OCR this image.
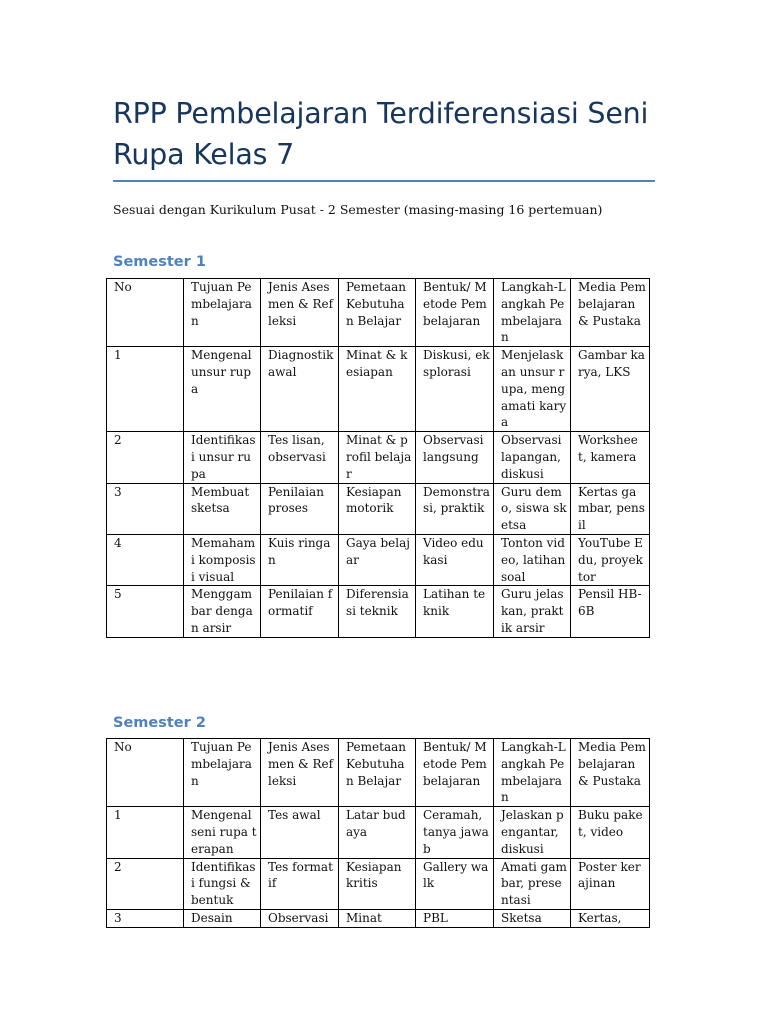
RPP Pembelajaran Terdiferensiasi Seni Rupa Kelas 7

Sesuai dengan Kurikulum Pusat - 2 Semester (masing-masing 16 pertemuan)

Semester 1
No	Tujuan Pembelajaran	Jenis Asesmen & Refleksi	Pemetaan Kebutuhan Belajar	Bentuk/ Metode Pembelajaran	Langkah-Langkah Pembelajaran	Media Pembelajaran & Pustaka
1	Mengenal unsur rupa	Diagnostik awal	Minat & kesiapan	Diskusi, eksplorasi	Menjelaskan unsur rupa, mengamati karya	Gambar karya, LKS
2	Identifikasi unsur rupa	Tes lisan, observasi	Minat & profil belajar	Observasi langsung	Observasi lapangan, diskusi	Worksheet, kamera
3	Membuat sketsa	Penilaian proses	Kesiapan motorik	Demonstrasi, praktik	Guru demo, siswa sketsa	Kertas gambar, pensil
4	Memahami komposisi visual	Kuis ringan	Gaya belajar	Video edukasi	Tonton video, latihan soal	YouTube Edu, proyektor
5	Menggambar dengan arsir	Penilaian formatif	Diferensiasi teknik	Latihan teknik	Guru jelaskan, praktik arsir	Pensil HB-6B
Semester 2
No	Tujuan Pembelajaran	Jenis Asesmen & Refleksi	Pemetaan Kebutuhan Belajar	Bentuk/ Metode Pembelajaran	Langkah-Langkah Pembelajaran	Media Pembelajaran & Pustaka
1	Mengenal seni rupa terapan	Tes awal	Latar budaya	Ceramah, tanya jawab	Jelaskan pengantar, diskusi	Buku paket, video
2	Identifikasi fungsi & bentuk	Tes formatif	Kesiapan kritis	Gallery walk	Amati gambar, presentasi	Poster kerajinan
3	Desain	Observasi	Minat	PBL	Sketsa	Kertas,
